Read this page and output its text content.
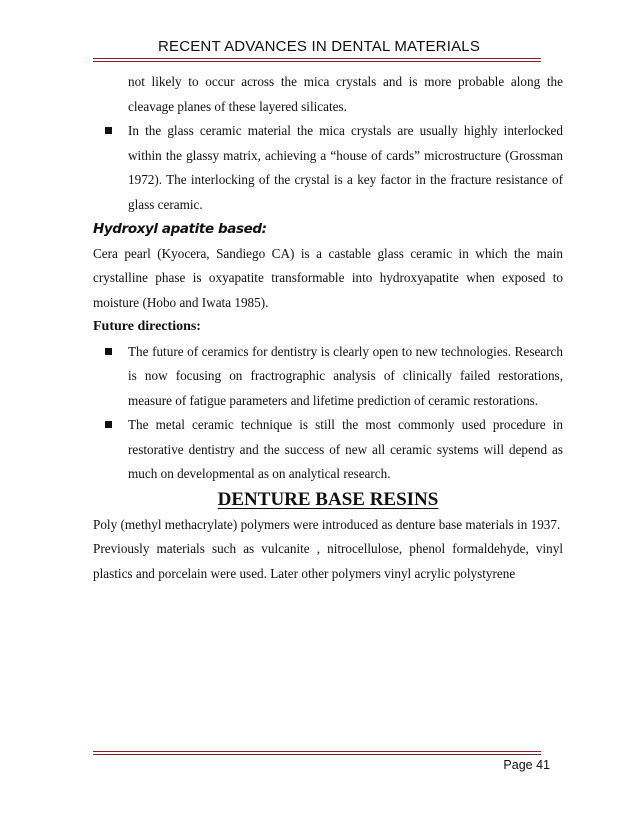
RECENT ADVANCES IN DENTAL MATERIALS

not likely to occur across the mica crystals and is more probable along the cleavage planes of these layered silicates.

In the glass ceramic material the mica crystals are usually highly interlocked within the glassy matrix, achieving a “house of cards” microstructure (Grossman 1972). The interlocking of the crystal is a key factor in the fracture resistance of glass ceramic.

Hydroxyl apatite based:

Cera pearl (Kyocera, Sandiego CA) is a castable glass ceramic in which the main crystalline phase is oxyapatite transformable into hydroxyapatite when exposed to moisture (Hobo and Iwata 1985).

Future directions:

The future of ceramics for dentistry is clearly open to new technologies. Research is now focusing on fractrographic analysis of clinically failed restorations, measure of fatigue parameters and lifetime prediction of ceramic restorations.
The metal ceramic technique is still the most commonly used procedure in restorative dentistry and the success of new all ceramic systems will depend as much on developmental as on analytical research.

DENTURE BASE RESINS

Poly (methyl methacrylate) polymers were introduced as denture base materials in 1937.

Previously materials such as vulcanite , nitrocellulose, phenol formaldehyde, vinyl plastics and porcelain were used. Later other polymers vinyl acrylic polystyrene

Page 41
